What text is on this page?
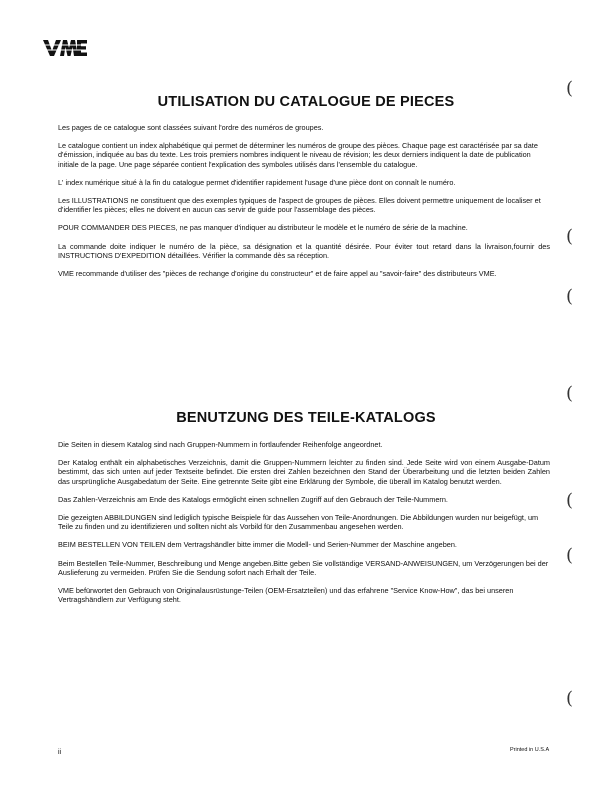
UTILISATION DU CATALOGUE DE PIECES

Les pages de ce catalogue sont classées suivant l'ordre des numéros de groupes.

Le catalogue contient un index alphabétique qui permet de déterminer les numéros de groupe des pièces. Chaque page est caractérisée par sa date d'émission, indiquée au bas du texte. Les trois premiers nombres indiquent le niveau de révision; les deux derniers indiquent la date de publication initiale de la page. Une page séparée contient l'explication des symboles utilisés dans l'ensemble du catalogue.

L' index numérique situé à la fin du catalogue permet d'identifier rapidement l'usage d'une pièce dont on connaît le numéro.

Les ILLUSTRATIONS ne constituent que des exemples typiques de l'aspect de groupes de pièces. Elles doivent permettre uniquement de localiser et d'identifier les pièces; elles ne doivent en aucun cas servir de guide pour l'assemblage des pièces.

POUR COMMANDER DES PIECES, ne pas manquer d'indiquer au distributeur le modèle et le numéro de série de la machine.

La commande doite indiquer le numéro de la pièce, sa désignation et la quantité désirée. Pour éviter tout retard dans la livraison,fournir des INSTRUCTIONS D'EXPEDITION détaillées. Vérifier la commande dès sa réception.

VME recommande d'utiliser des "pièces de rechange d'origine du constructeur" et de faire appel au "savoir-faire" des distributeurs VME.

BENUTZUNG DES TEILE-KATALOGS

Die Seiten in diesem Katalog sind nach Gruppen-Nummern in fortlaufender Reihenfolge angeordnet.

Der Katalog enthält ein alphabetisches Verzeichnis, damit die Gruppen-Nummern leichter zu finden sind. Jede Seite wird von einem Ausgabe-Datum bestimmt, das sich unten auf jeder Textseite befindet. Die ersten drei Zahlen bezeichnen den Stand der Überarbeitung und die letzten beiden Zahlen das ursprüngliche Ausgabedatum der Seite. Eine getrennte Seite gibt eine Erklärung der Symbole, die überall im Katalog benutzt werden.

Das Zahlen-Verzeichnis am Ende des Katalogs ermöglicht einen schnellen Zugriff auf den Gebrauch der Teile-Nummern.

Die gezeigten ABBILDUNGEN sind lediglich typische Beispiele für das Aussehen von Teile-Anordnungen. Die Abbildungen wurden nur beigefügt, um Teile zu finden und zu identifizieren und sollten nicht als Vorbild für den Zusammenbau angesehen werden.

BEIM BESTELLEN VON TEILEN dem Vertragshändler bitte immer die Modell- und Serien-Nummer der Maschine angeben.

Beim Bestellen Teile-Nummer, Beschreibung und Menge angeben.Bitte geben Sie vollständige VERSAND-ANWEISUNGEN, um Verzögerungen bei der Auslieferung zu vermeiden. Prüfen Sie die Sendung sofort nach Erhalt der Teile.

VME befürwortet den Gebrauch von Originalausrüstunge-Teilen (OEM-Ersatzteilen) und das erfahrene "Service Know-How", das bei unseren Vertragshändlern zur Verfügung steht.

(
(
(
(
(
(
(
ii	Printed in U.S.A
